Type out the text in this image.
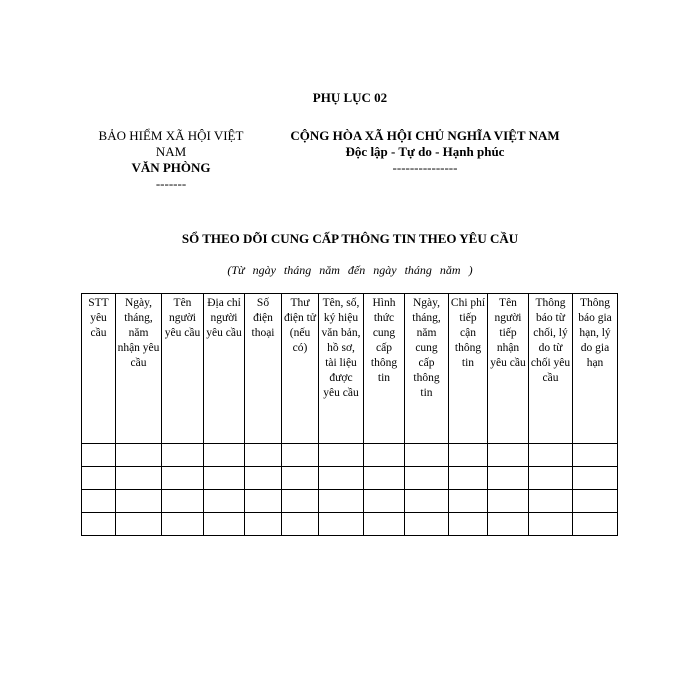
PHỤ LỤC 02
BẢO HIỂM XÃ HỘI VIỆT NAM
VĂN PHÒNG
-------
CỘNG HÒA XÃ HỘI CHỦ NGHĨA VIỆT NAM
Độc lập - Tự do - Hạnh phúc
---------------
SỔ THEO DÕI CUNG CẤP THÔNG TIN THEO YÊU CẦU
(Từ ngày tháng năm đến ngày tháng năm )
STT yêu cầu	Ngày, tháng, năm nhận yêu cầu	Tên người yêu cầu	Địa chỉ người yêu cầu	Số điện thoại	Thư điện tử (nếu có)	Tên, số, ký hiệu văn bản, hồ sơ, tài liệu được yêu cầu	Hình thức cung cấp thông tin	Ngày, tháng, năm cung cấp thông tin	Chi phí tiếp cận thông tin	Tên người tiếp nhận yêu cầu	Thông báo từ chối, lý do từ chối yêu cầu	Thông báo gia hạn, lý do gia hạn
